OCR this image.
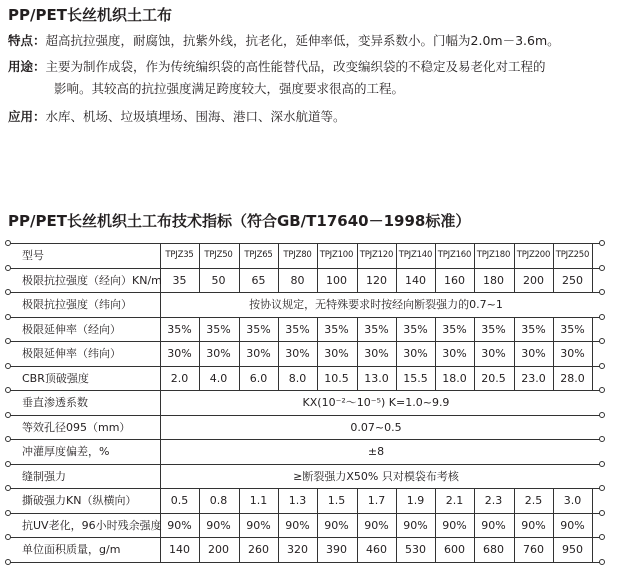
PP/PET长丝机织土工布
特点：超高抗拉强度，耐腐蚀，抗紫外线，抗老化，延伸率低，变异系数小。门幅为2.0m－3.6m。
用途：主要为制作成袋，作为传统编织袋的高性能替代品，改变编织袋的不稳定及易老化对工程的
影响。其较高的抗拉强度满足跨度较大，强度要求很高的工程。
应用：水库、机场、垃圾填埋场、围海、港口、深水航道等。
PP/PET长丝机织土工布技术指标（符合GB/T17640－1998标准）
型号	TPJZ35	TPJZ50	TPJZ65	TPJZ80 TPJZ100 TPJZ120 TPJZ140 TPJZ160 TPJZ180 TPJZ200 TPJZ250
极限抗拉强度（经向）KN/m 35	50	65	80	100	120	140	160	180	200	250
极限抗拉强度（纬向）	按协议规定，无特殊要求时按经向断裂强力的0.7~1
极限延伸率（经向）	35%	35%	35%	35%	35%	35%	35%	35%	35%	35%	35%
极限延伸率（纬向）	30%	30%	30%	30%	30%	30%	30%	30%	30%	30%	30%
CBR顶破强度	2.0	4.0	6.0	8.0	10.5	13.0	15.5	18.0	20.5	23.0	28.0
垂直渗透系数	KX(10⁻²～10⁻⁵) K=1.0~9.9
等效孔径095（mm）	0.07~0.5
冲灌厚度偏差，%	±8
缝制强力	≥断裂强力X50% 只对模袋布考核
撕破强力KN（纵横向）	0.5	0.8	1.1	1.3	1.5	1.7	1.9	2.1	2.3	2.5	3.0
抗UV老化，96小时残余强度 90%	90%	90%	90%	90%	90%	90%	90%	90%	90%	90%
单位面积质量，g/m	140	200	260	320	390	460	530	600	680	760	950
